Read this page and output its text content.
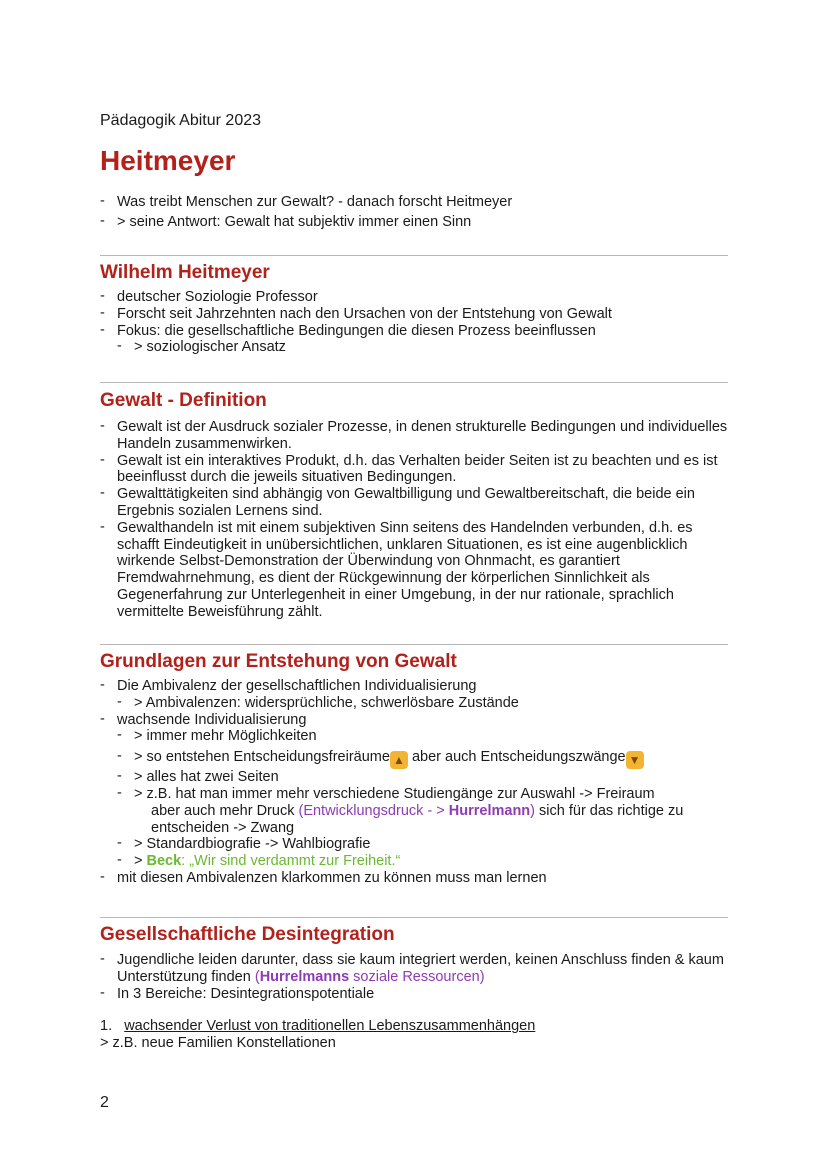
Pädagogik Abitur 2023
Heitmeyer
- Was treibt Menschen zur Gewalt? - danach forscht Heitmeyer
- > seine Antwort: Gewalt hat subjektiv immer einen Sinn
Wilhelm Heitmeyer
- deutscher Soziologie Professor
- Forscht seit Jahrzehnten nach den Ursachen von der Entstehung von Gewalt
- Fokus: die gesellschaftliche Bedingungen die diesen Prozess beeinflussen
- > soziologischer Ansatz
Gewalt - Definition
- Gewalt ist der Ausdruck sozialer Prozesse, in denen strukturelle Bedingungen und individuelles Handeln zusammenwirken.
- Gewalt ist ein interaktives Produkt, d.h. das Verhalten beider Seiten ist zu beachten und es ist beeinflusst durch die jeweils situativen Bedingungen.
- Gewalttätigkeiten sind abhängig von Gewaltbilligung und Gewaltbereitschaft, die beide ein Ergebnis sozialen Lernens sind.
- Gewalthandeln ist mit einem subjektiven Sinn seitens des Handelnden verbunden, d.h. es schafft Eindeutigkeit in unübersichtlichen, unklaren Situationen, es ist eine augenblicklich wirkende Selbst-Demonstration der Überwindung von Ohnmacht, es garantiert Fremdwahrnehmung, es dient der Rückgewinnung der körperlichen Sinnlichkeit als Gegenerfahrung zur Unterlegenheit in einer Umgebung, in der nur rationale, sprachlich vermittelte Beweisführung zählt.
Grundlagen zur Entstehung von Gewalt
- Die Ambivalenz der gesellschaftlichen Individualisierung
- > Ambivalenzen: widersprüchliche, schwerlösbare Zustände
- wachsende Individualisierung
- > immer mehr Möglichkeiten
- > so entstehen Entscheidungsfreiräume ▲ aber auch Entscheidungszwänge ▼
- > alles hat zwei Seiten
- > z.B. hat man immer mehr verschiedene Studiengänge zur Auswahl -> Freiraum
aber auch mehr Druck (Entwicklungsdruck - > Hurrelmann) sich für das richtige zu entscheiden -> Zwang
- > Standardbiografie -> Wahlbiografie
- > Beck: „Wir sind verdammt zur Freiheit.“
- mit diesen Ambivalenzen klarkommen zu können muss man lernen
Gesellschaftliche Desintegration
- Jugendliche leiden darunter, dass sie kaum integriert werden, keinen Anschluss finden & kaum Unterstützung finden (Hurrelmanns soziale Ressourcen)
- In 3 Bereiche: Desintegrationspotentiale
1. wachsender Verlust von traditionellen Lebenszusammenhängen
> z.B. neue Familien Konstellationen
2
